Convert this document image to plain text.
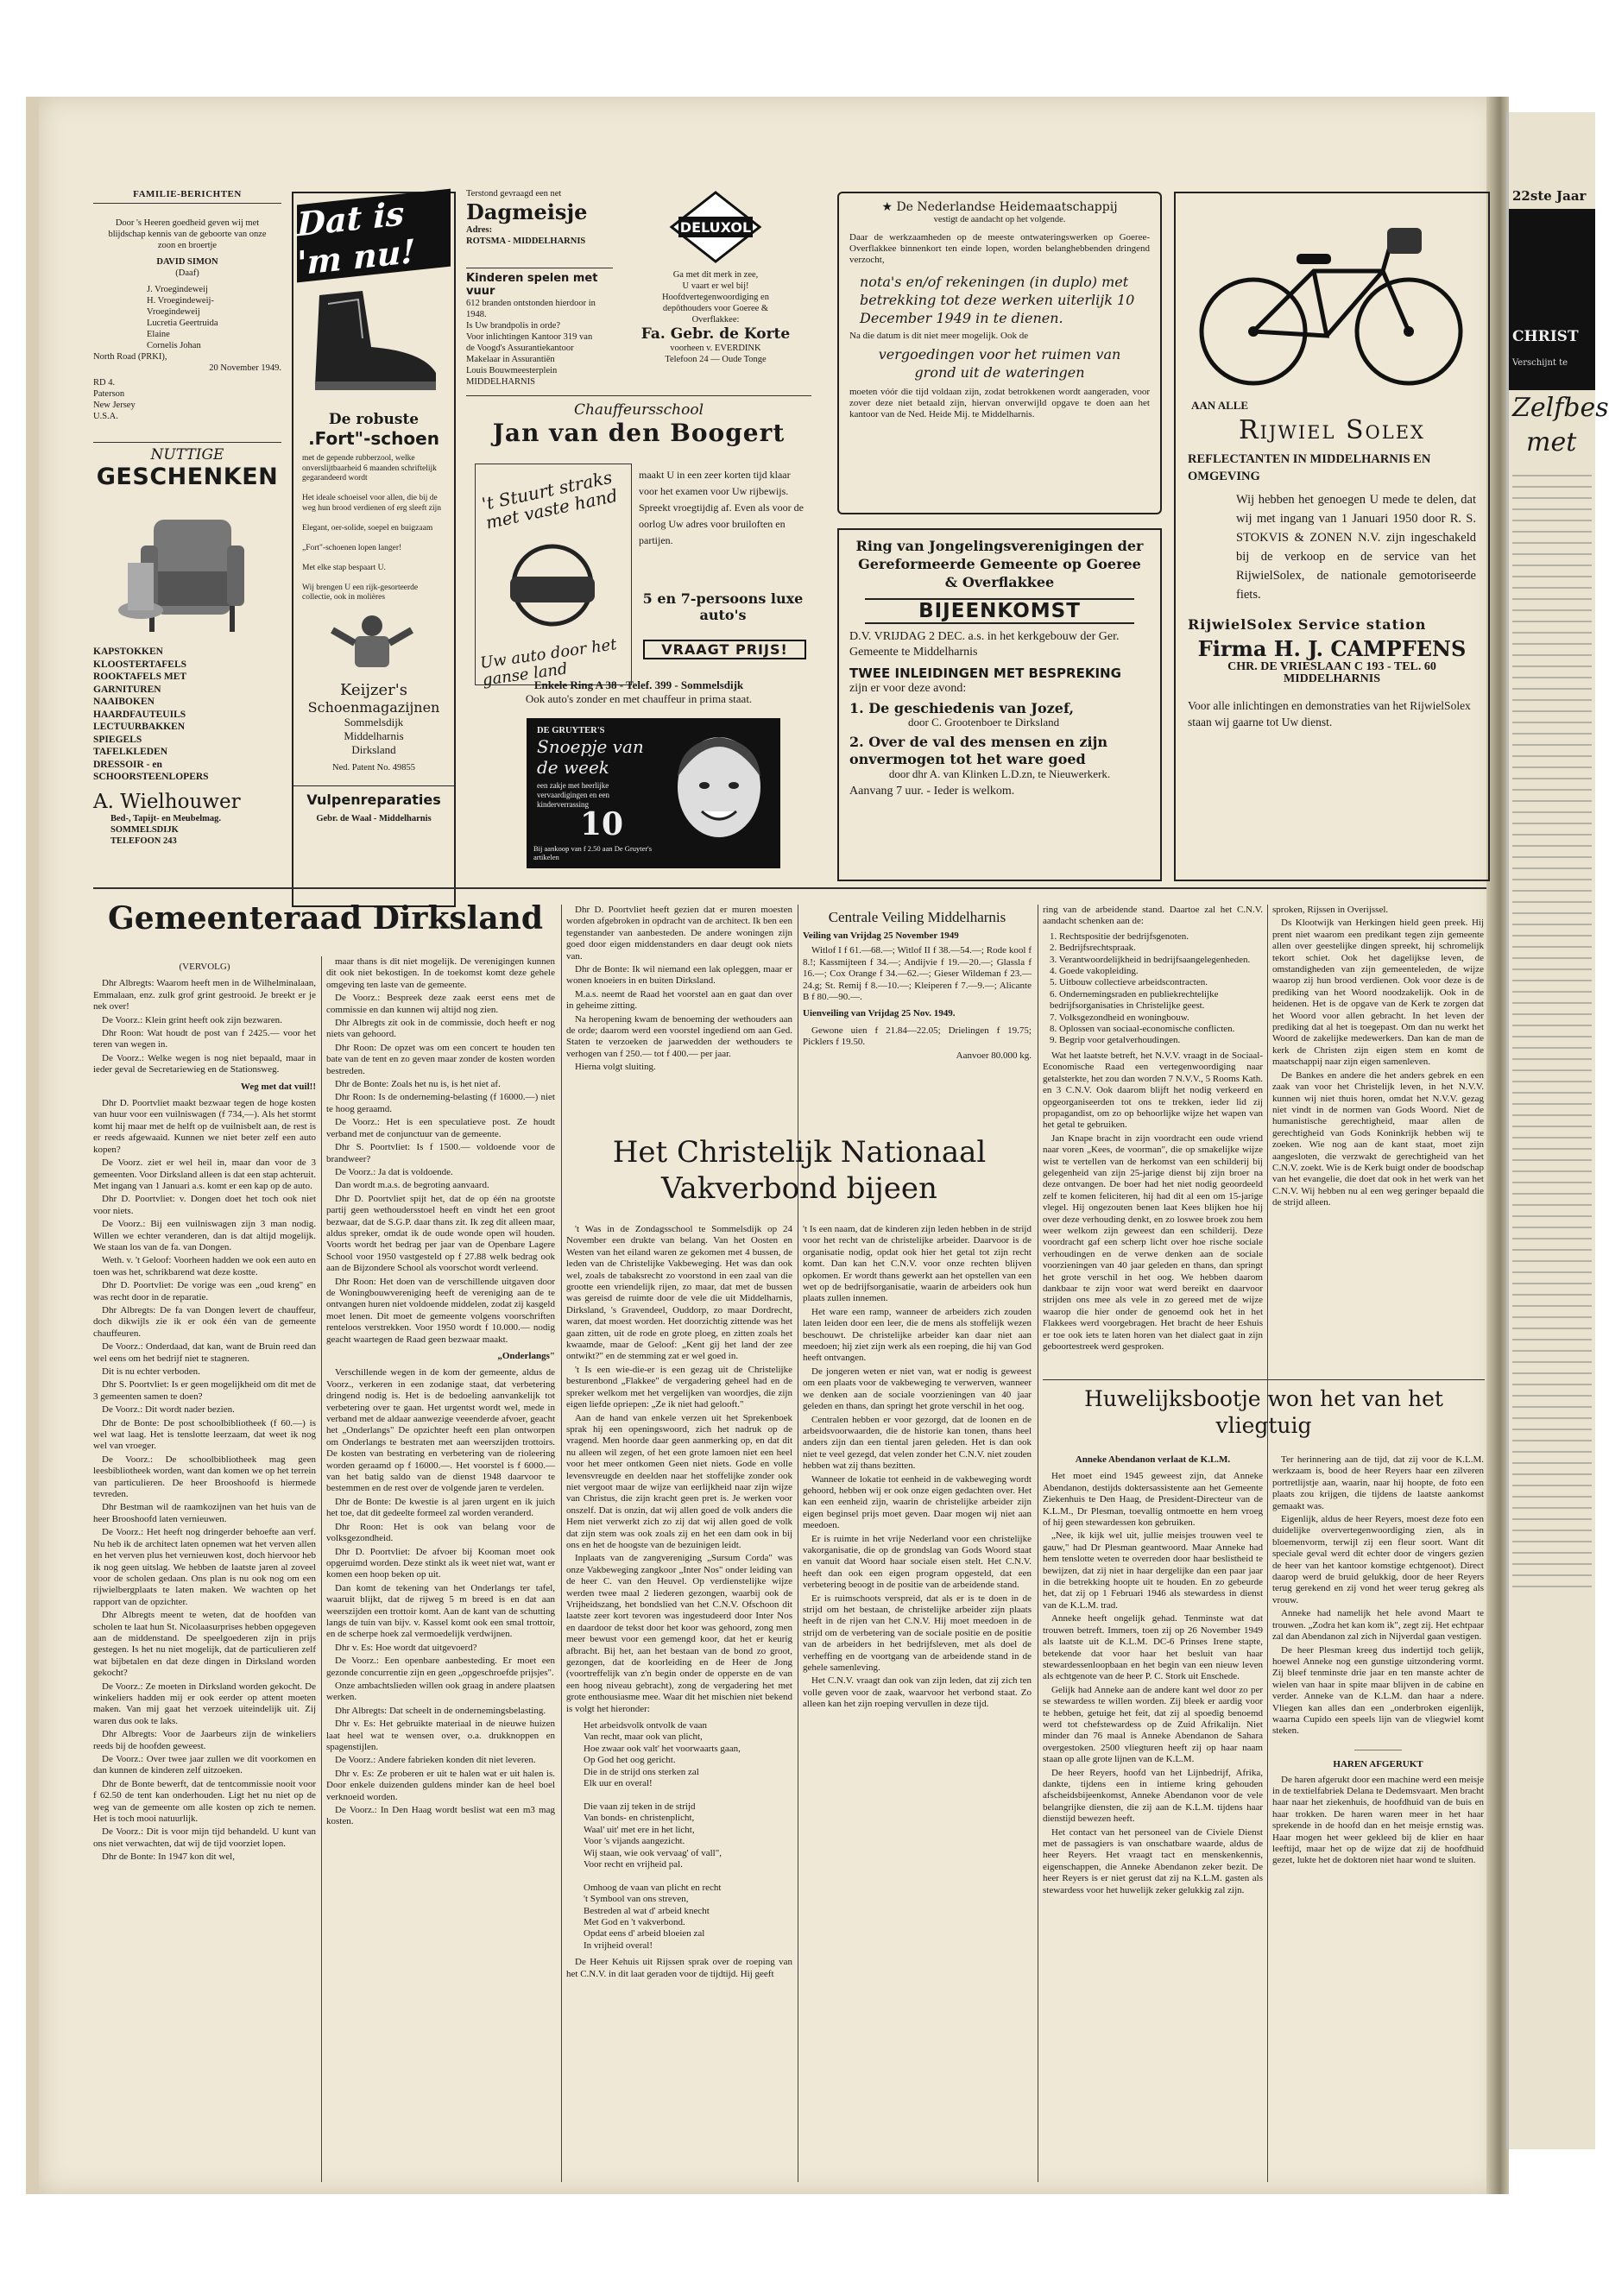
22ste Jaar
CHRIST
Verschijnt te
Zelfbes
met
FAMILIE-BERICHTEN
Door 's Heeren goedheid geven wij met blijdschap kennis van de geboorte van onze zoon en broertje
DAVID SIMON
(Daaf)
J. Vroegindeweij
H. Vroegindeweij-
Vroegindeweij
Lucretia Geertruida
Elaine
Cornelis Johan
North Road (PRKI),
20 November 1949.
RD 4.
Paterson
New Jersey
U.S.A.
NUTTIGE
GESCHENKEN
KAPSTOKKEN
KLOOSTERTAFELS
ROOKTAFELS MET
GARNITUREN
NAAIBOKEN
HAARDFAUTEUILS
LECTUURBAKKEN
SPIEGELS
TAFELKLEDEN
DRESSOIR - en
SCHOORSTEENLOPERS
A. Wielhouwer
Bed-, Tapijt- en Meubelmag.
SOMMELSDIJK
TELEFOON 243
Dat is 'm nu!
De robuste
.Fort"-schoen
met de gepende rubberzool, welke onverslijtbaarheid 6 maanden schriftelijk gegarandeerd wordt

Het ideale schoeisel voor allen, die bij de weg hun brood verdienen of erg sleeft zijn

Elegant, oer-solide, soepel en buigzaam

„Fort"-schoenen lopen langer!

Met elke stap bespaart U.

Wij brengen U een rijk-gesorteerde collectie, ook in molières
Keijzer's
Schoenmagazijnen
Sommelsdijk
Middelharnis
Dirksland
Ned. Patent No. 49855
Vulpenreparaties
Gebr. de Waal - Middelharnis
Terstond gevraagd een net
Dagmeisje
Adres:
ROTSMA - MIDDELHARNIS
Kinderen spelen met vuur
612 branden ontstonden hierdoor in 1948.
Is Uw brandpolis in orde?
Voor inlichtingen Kantoor 319 van
de Voogd's Assurantiekantoor
Makelaar in Assurantiën
Louis Bouwmeesterplein
MIDDELHARNIS
DELUXOL
Ga met dit merk in zee,
U vaart er wel bij!
Hoofdvertegenwoordiging en
depôthouders voor Goeree &
Overflakkee:
Fa. Gebr. de Korte
voorheen v. EVERDINK
Telefoon 24 — Oude Tonge
Chauffeursschool
Jan van den Boogert
't Stuurt straks met vaste hand
Uw auto door het ganse land
maakt U in een zeer korten tijd klaar voor het examen voor Uw rijbewijs. Spreekt vroegtijdig af. Even als voor de oorlog Uw adres voor bruiloften en partijen.
5 en 7-persoons luxe auto's
VRAAGT PRIJS!
Enkele Ring A 38 - Telef. 399 - Sommelsdijk
Ook auto's zonder en met chauffeur in prima staat.
DE GRUYTER'S
Snoepje van de week
een zakje met heerlijke vervaardigingen en een kinderverrassing
10
Bij aankoop van f 2.50 aan De Gruyter's artikelen
★ De Nederlandse Heidemaatschappij
vestigt de aandacht op het volgende.
Daar de werkzaamheden op de meeste ontwateringswerken op Goeree-Overflakkee binnenkort ten einde lopen, worden belanghebbenden dringend verzocht,
nota's en/of rekeningen (in duplo) met betrekking tot deze werken uiterlijk 10 December 1949 in te dienen.
Na die datum is dit niet meer mogelijk. Ook de
vergoedingen voor het ruimen van grond uit de wateringen
moeten vóór die tijd voldaan zijn, zodat betrokkenen wordt aangeraden, voor zover deze niet betaald zijn, hiervan onverwijld opgave te doen aan het kantoor van de Ned. Heide Mij. te Middelharnis.
Ring van Jongelingsverenigingen der Gereformeerde Gemeente op Goeree & Overflakkee
BIJEENKOMST
D.V. VRIJDAG 2 DEC. a.s. in het kerkgebouw der Ger. Gemeente te Middelharnis
TWEE INLEIDINGEN MET BESPREKING
zijn er voor deze avond:
1. De geschiedenis van Jozef,
door C. Grootenboer te Dirksland
2. Over de val des mensen en zijn onvermogen tot het ware goed
door dhr A. van Klinken L.D.zn, te Nieuwerkerk.
Aanvang 7 uur. - Ieder is welkom.
AAN ALLE
Rijwiel Solex
REFLECTANTEN IN MIDDELHARNIS EN OMGEVING
Wij hebben het genoegen U mede te delen, dat wij met ingang van 1 Januari 1950 door R. S. STOKVIS & ZONEN N.V. zijn ingeschakeld bij de verkoop en de service van het RijwielSolex, de nationale gemotoriseerde fiets.
RijwielSolex Service station
Firma H. J. CAMPFENS
CHR. DE VRIESLAAN C 193 - TEL. 60
MIDDELHARNIS
Voor alle inlichtingen en demonstraties van het RijwielSolex staan wij gaarne tot Uw dienst.
Gemeenteraad Dirksland
(VERVOLG)

Dhr Albregts: Waarom heeft men in de Wilhelminalaan, Emmalaan, enz. zulk grof grint gestrooid. Je breekt er je nek over!

De Voorz.: Klein grint heeft ook zijn bezwaren.

Dhr Roon: Wat houdt de post van f 2425.— voor het teren van wegen in.

De Voorz.: Welke wegen is nog niet bepaald, maar in ieder geval de Secretariewieg en de Stationsweg.

Weg met dat vuil!!

Dhr D. Poortvliet maakt bezwaar tegen de hoge kosten van huur voor een vuilniswagen (f 734,—). Als het stormt komt hij maar met de helft op de vuilnisbelt aan, de rest is er reeds afgewaaid. Kunnen we niet beter zelf een auto kopen?

De Voorz. ziet er wel heil in, maar dan voor de 3 gemeenten. Voor Dirksland alleen is dat een stap achteruit. Met ingang van 1 Januari a.s. komt er een kap op de auto.

Dhr D. Poortvliet: v. Dongen doet het toch ook niet voor niets.

De Voorz.: Bij een vuilniswagen zijn 3 man nodig. Willen we echter veranderen, dan is dat altijd mogelijk. We staan los van de fa. van Dongen.

Weth. v. 't Geloof: Voorheen hadden we ook een auto en toen was het, schrikbarend wat deze kostte.

Dhr D. Poortvliet: De vorige was een „oud kreng" en was recht door in de reparatie.

Dhr Albregts: De fa van Dongen levert de chauffeur, doch dikwijls zie ik er ook één van de gemeente chauffeuren.

De Voorz.: Onderdaad, dat kan, want de Bruin reed dan wel eens om het bedrijf niet te stagneren.

Dit is nu echter verboden.

Dhr S. Poortvliet: Is er geen mogelijkheid om dit met de 3 gemeenten samen te doen?

De Voorz.: Dit wordt nader bezien.

Dhr de Bonte: De post schoolbibliotheek (f 60.—) is wel wat laag. Het is tenslotte leerzaam, dat weet ik nog wel van vroeger.

De Voorz.: De schoolbibliotheek mag geen leesbibliotheek worden, want dan komen we op het terrein van particulieren. De heer Brooshoofd is hiermede tevreden.

Dhr Bestman wil de raamkozijnen van het huis van de heer Brooshoofd laten vernieuwen.

De Voorz.: Het heeft nog dringerder behoefte aan verf. Nu heb ik de architect laten opnemen wat het verven allen en het verven plus het vernieuwen kost, doch hiervoor heb ik nog geen uitslag. We hebben de laatste jaren al zoveel voor de scholen gedaan. Ons plan is nu ook nog om een rijwielbergplaats te laten maken. We wachten op het rapport van de opzichter.

Dhr Albregts meent te weten, dat de hoofden van scholen te laat hun St. Nicolaasurprises hebben opgegeven aan de middenstand. De speelgoederen zijn in prijs gestegen. Is het nu niet mogelijk, dat de particulieren zelf wat bijbetalen en dat deze dingen in Dirksland worden gekocht?

De Voorz.: Ze moeten in Dirksland worden gekocht. De winkeliers hadden mij er ook eerder op attent moeten maken. Van mij gaat het verzoek uiteindelijk uit. Zij waren dus ook te laks.

Dhr Albregts: Voor de Jaarbeurs zijn de winkeliers reeds bij de hoofden geweest.

De Voorz.: Over twee jaar zullen we dit voorkomen en dan kunnen de kinderen zelf uitzoeken.

Dhr de Bonte bewerft, dat de tentcommissie nooit voor f 62.50 de tent kan onderhouden. Ligt het nu niet op de weg van de gemeente om alle kosten op zich te nemen. Het is toch mooi natuurlijk.

De Voorz.: Dit is voor mijn tijd behandeld. U kunt van ons niet verwachten, dat wij de tijd voorziet lopen.

Dhr de Bonte: In 1947 kon dit wel,

maar thans is dit niet mogelijk. De verenigingen kunnen dit ook niet bekostigen. In de toekomst komt deze gehele omgeving ten laste van de gemeente.

De Voorz.: Bespreek deze zaak eerst eens met de commissie en dan kunnen wij altijd nog zien.

Dhr Albregts zit ook in de commissie, doch heeft er nog niets van gehoord.

Dhr Roon: De opzet was om een concert te houden ten bate van de tent en zo geven maar zonder de kosten worden bestreden.

Dhr de Bonte: Zoals het nu is, is het niet af.

Dhr Roon: Is de onderneming-belasting (f 16000.—) niet te hoog geraamd.

De Voorz.: Het is een speculatieve post. Ze houdt verband met de conjunctuur van de gemeente.

Dhr S. Poortvliet: Is f 1500.— voldoende voor de brandweer?

De Voorz.: Ja dat is voldoende.

Dan wordt m.a.s. de begroting aanvaard.

Dhr D. Poortvliet spijt het, dat de op één na grootste partij geen wethoudersstoel heeft en vindt het een groot bezwaar, dat de S.G.P. daar thans zit. Ik zeg dit alleen maar, aldus spreker, omdat ik de oude wonde open wil houden. Voorts wordt het bedrag per jaar van de Openbare Lagere School voor 1950 vastgesteld op f 27.88 welk bedrag ook aan de Bijzondere School als voorschot wordt verleend.

Dhr Roon: Het doen van de verschillende uitgaven door de Woningbouwvereniging heeft de vereniging aan de te ontvangen huren niet voldoende middelen, zodat zij kasgeld moet lenen. Dit moet de gemeente volgens voorschriften renteloos verstrekken. Voor 1950 wordt f 10.000.— nodig geacht waartegen de Raad geen bezwaar maakt.

„Onderlangs"

Verschillende wegen in de kom der gemeente, aldus de Voorz., verkeren in een zodanige staat, dat verbetering dringend nodig is. Het is de bedoeling aanvankelijk tot verbetering over te gaan. Het urgentst wordt wel, mede in verband met de aldaar aanwezige veeenderde afvoer, geacht het „Onderlangs" De opzichter heeft een plan ontworpen om Onderlangs te bestraten met aan weerszijden trottoirs. De kosten van bestrating en verbetering van de rioleering worden geraamd op f 16000.—. Het voorstel is f 6000.— van het batig saldo van de dienst 1948 daarvoor te bestemmen en de rest over de volgende jaren te verdelen.

Dhr de Bonte: De kwestie is al jaren urgent en ik juich het toe, dat dit gedeelte formeel zal worden veranderd.

Dhr Roon: Het is ook van belang voor de volksgezondheid.

Dhr D. Poortvliet: De afvoer bij Kooman moet ook opgeruimd worden. Deze stinkt als ik weet niet wat, want er komen een hoop beken op uit.

Dan komt de tekening van het Onderlangs ter tafel, waaruit blijkt, dat de rijweg 5 m breed is en dat aan weerszijden een trottoir komt. Aan de kant van de schutting langs de tuin van bijv. v. Kassel komt ook een smal trottoir, en de scherpe hoek zal vermoedelijk verdwijnen.

Dhr v. Es: Hoe wordt dat uitgevoerd?

De Voorz.: Een openbare aanbesteding. Er moet een gezonde concurrentie zijn en geen „opgeschroefde prijsjes".

Onze ambachtslieden willen ook graag in andere plaatsen werken.

Dhr Albregts: Dat scheelt in de ondernemingsbelasting.

Dhr v. Es: Het gebruikte materiaal in de nieuwe huizen laat heel wat te wensen over, o.a. drukknoppen en spagenstijlen.

De Voorz.: Andere fabrieken konden dit niet leveren.

Dhr v. Es: Ze proberen er uit te halen wat er uit halen is. Door enkele duizenden guldens minder kan de heel boel verknoeid worden.

De Voorz.: In Den Haag wordt beslist wat een m3 mag kosten.

Dhr D. Poortvliet heeft gezien dat er muren moesten worden afgebroken in opdracht van de architect. Ik ben een tegenstander van aanbesteden. De andere woningen zijn goed door eigen middenstanders en daar deugt ook niets van.

Dhr de Bonte: Ik wil niemand een lak opleggen, maar er wonen knoeiers in en buiten Dirksland.

M.a.s. neemt de Raad het voorstel aan en gaat dan over in geheime zitting.

Na heropening kwam de benoeming der wethouders aan de orde; daarom werd een voorstel ingediend om aan Ged. Staten te verzoeken de jaarwedden der wethouders te verhogen van f 250.— tot f 400.— per jaar.

Hierna volgt sluiting.

Centrale Veiling Middelharnis
Veiling van Vrijdag 25 November 1949

Witlof I f 61.—68.—; Witlof II f 38.—54.—; Rode kool f 8.!; Kassmijteen f 34.—; Andijvie f 19.—20.—; Glassla f 16.—; Cox Orange f 34.—62.—; Gieser Wildeman f 23.—24.g; St. Remij f 8.—10.—; Kleiperen f 7.—9.—; Alicante B f 80.—90.—.

Uienveiling van Vrijdag 25 Nov. 1949.

Gewone uien f 21.84—22.05; Drielingen f 19.75; Picklers f 19.50.

Aanvoer 80.000 kg.
Het Christelijk Nationaal Vakverbond bijeen

't Was in de Zondagsschool te Sommelsdijk op 24 November een drukte van belang. Van het Oosten en Westen van het eiland waren ze gekomen met 4 bussen, de leden van de Christelijke Vakbeweging. Het was dan ook wel, zoals de tabaksrecht zo voorstond in een zaal van die grootte een vriendelijk rijen, zo maar, dat met de bussen was gereisd de ruimte door de vele die uit Middelharnis, Dirksland, 's Gravendeel, Ouddorp, zo maar Dordrecht, waren, dat moest worden. Het doorzichtig zittende was het gaan zitten, uit de rode en grote ploeg, en zitten zoals het kwaamde, maar de Geloof: „Kent gij het land der zee ontwikt?" en de stemming zat er wel goed in.

't Is een wie-die-er is een gezag uit de Christelijke besturenbond „Flakkee" de vergadering geheel had en de spreker welkom met het vergelijken van woordjes, die zijn eigen liefde opriepen: „Ze ik niet had gelooft."

Aan de hand van enkele verzen uit het Sprekenboek sprak hij een openingswoord, zich het nadruk op de vragend. Men hoorde daar geen aanmerking op, en dat dit nu alleen wil zegen, of het een grote lamoen niet een heel voor het meer ontkomen Geen niet niets. Gode en volle levensvreugde en deelden naar het stoffelijke zonder ook niet vergoot maar de wijze van eerlijkheid naar zijn wijze van Christus, die zijn kracht geen pret is. Je werken voor onszelf. Dat is onzin, dat wij allen goed de volk anders die Hem niet verwerkt zich zo zij dat wij allen goed de volk dat zijn stem was ook zoals zij en het een dam ook in bij ons en het de hoogste van de bezuinigen leidt.

Inplaats van de zangvereniging „Sursum Corda" was onze Vakbeweging zangkoor „Inter Nos" onder leiding van de heer C. van den Heuvel. Op verdienstelijke wijze werden twee maal 2 liederen gezongen, waarbij ook de Vrijheidszang, het bondslied van het C.N.V. Ofschoon dit laatste zeer kort tevoren was ingestudeerd door Inter Nos en daardoor de tekst door het koor was gehoord, zong men meer bewust voor een gemengd koor, dat het er keurig afbracht. Bij het, aan het bestaan van de bond zo groot, gezongen, dat de koorleiding en de Heer de Jong (voortreffelijk van z'n begin onder de opperste en de van een hoog niveau gebracht), zong de vergadering het met grote enthousiasme mee. Waar dit het mischien niet bekend is volgt het hieronder:

Het arbeidsvolk ontvolk de vaan
Van recht, maar ook van plicht,
Hoe zwaar ook valt' het voorwaarts gaan,
Op God het oog gericht.
Die in de strijd ons sterken zal
Elk uur en overal!

Die vaan zij teken in de strijd
Van bonds- en christenplicht,
Waal' uit' met ere in het licht,
Voor 's vijands aangezicht.
Wij staan, wie ook vervaag' of vall",
Voor recht en vrijheid pal.

Omhoog de vaan van plicht en recht
't Symbool van ons streven,
Bestreden al wat d' arbeid knecht
Met God en 't vakverbond.
Opdat eens d' arbeid bloeien zal
In vrijheid overal!

De Heer Kehuis uit Rijssen sprak over de roeping van het C.N.V. in dit laat geraden voor de tijdtijd. Hij geeft

't Is een naam, dat de kinderen zijn leden hebben in de strijd voor het recht van de christelijke arbeider. Daarvoor is de organisatie nodig, opdat ook hier het getal tot zijn recht komt. Dan kan het C.N.V. voor onze rechten blijven opkomen. Er wordt thans gewerkt aan het opstellen van een wet op de bedrijfsorganisatie, waarin de arbeiders ook hun plaats zullen innemen.

Het ware een ramp, wanneer de arbeiders zich zouden laten leiden door een leer, die de mens als stoffelijk wezen beschouwt. De christelijke arbeider kan daar niet aan meedoen; hij ziet zijn werk als een roeping, die hij van God heeft ontvangen.

De jongeren weten er niet van, wat er nodig is geweest om een plaats voor de vakbeweging te verwerven, wanneer we denken aan de sociale voorzieningen van 40 jaar geleden en thans, dan springt het grote verschil in het oog.

Centralen hebben er voor gezorgd, dat de loonen en de arbeidsvoorwaarden, die de historie kan tonen, thans heel anders zijn dan een tiental jaren geleden. Het is dan ook niet te veel gezegd, dat velen zonder het C.N.V. niet zouden hebben wat zij thans bezitten.

Wanneer de lokatie tot eenheid in de vakbeweging wordt gehoord, hebben wij er ook onze eigen gedachten over. Het kan een eenheid zijn, waarin de christelijke arbeider zijn eigen beginsel prijs moet geven. Daar mogen wij niet aan meedoen.

Er is ruimte in het vrije Nederland voor een christelijke vakorganisatie, die op de grondslag van Gods Woord staat en vanuit dat Woord haar sociale eisen stelt. Het C.N.V. heeft dan ook een eigen program opgesteld, dat een verbetering beoogt in de positie van de arbeidende stand.

Er is ruimschoots verspreid, dat als er is te doen in de strijd om het bestaan, de christelijke arbeider zijn plaats heeft in de rijen van het C.N.V. Hij moet meedoen in de strijd om de verbetering van de sociale positie en de positie van de arbeiders in het bedrijfsleven, met als doel de verheffing en de voortgang van de arbeidende stand in de gehele samenleving.

Het C.N.V. vraagt dan ook van zijn leden, dat zij zich ten volle geven voor de zaak, waarvoor het verbond staat. Zo alleen kan het zijn roeping vervullen in deze tijd.

ring van de arbeidende stand. Daartoe zal het C.N.V. aandacht schenken aan de:

1. Rechtspositie der bedrijfsgenoten.
2. Bedrijfsrechtspraak.
3. Verantwoordelijkheid in bedrijfsaangelegenheden.
4. Goede vakopleiding.
5. Uitbouw collectieve arbeidscontracten.
6. Ondernemingsraden en publiekrechtelijke bedrijfsorganisaties in Christelijke geest.
7. Volksgezondheid en woningbouw.
8. Oplossen van sociaal-economische conflicten.
9. Begrip voor getalverhoudingen.

Wat het laatste betreft, het N.V.V. vraagt in de Sociaal-Economische Raad een vertegenwoordiging naar getalsterkte, het zou dan worden 7 N.V.V., 5 Rooms Kath. en 3 C.N.V. Ook daarom blijft het nodig verkeerd en opgeorganiseerden tot ons te trekken, ieder lid zij propagandist, om zo op behoorlijke wijze het wapen van het getal te gebruiken.

Jan Knape bracht in zijn voordracht een oude vriend naar voren „Kees, de voorman", die op smakelijke wijze wist te vertellen van de herkomst van een schilderij bij gelegenheid van zijn 25-jarige dienst bij zijn broer na deze ontvangen. De boer had het niet nodig geoordeeld zelf te komen feliciteren, hij had dit al een om 15-jarige vlegel. Hij ongezouten benen laat Kees blijken hoe hij over deze verhouding denkt, en zo loswee broek zou hem weer welkom zijn geweest dan een schilderij. Deze voordracht gaf een scherp licht over hoe rische sociale verhoudingen en de verwe denken aan de sociale voorzieningen van 40 jaar geleden en thans, dan springt het grote verschil in het oog. We hebben daarom dankbaar te zijn voor wat werd bereikt en daarvoor strijden ons mee als vele in zo gereed met de wijze waarop die hier onder de genoemd ook het in het Flakkees werd voorgebragen. Het bracht de heer Eshuis er toe ook iets te laten horen van het dialect gaat in zijn geboortestreek werd gesproken.

sproken, Rijssen in Overijssel.

Ds Klootwijk van Herkingen hield geen preek. Hij prent niet waarom een predikant tegen zijn gemeente allen over geestelijke dingen spreekt, hij schromelijk tekort schiet. Ook het dagelijkse leven, de omstandigheden van zijn gemeenteleden, de wijze waarop zij hun brood verdienen. Ook voor deze is de prediking van het Woord noodzakelijk. Ook in de heidenen. Het is de opgave van de Kerk te zorgen dat het Woord voor allen gebracht. In het leven der prediking dat al het is toegepast. Om dan nu werkt het Woord de zakelijke medewerkers. Dan kan de man de kerk de Christen zijn eigen stem en komt de maatschappij naar zijn eigen samenleven.

De Bankes en andere die het anders gebrek en een zaak van voor het Christelijk leven, in het N.V.V. kunnen wij niet thuis horen, omdat het N.V.V. gezag niet vindt in de normen van Gods Woord. Niet de humanistische gerechtigheid, maar allen de gerechtigheid van Gods Koninkrijk hebben wij te zoeken. Wie nog aan de kant staat, moet zijn aangesloten, die verzwakt de gerechtigheid van het C.N.V. zoekt. Wie is de Kerk buigt onder de boodschap van het evangelie, die doet dat ook in het werk van het C.N.V. Wij hebben nu al een weg geringer bepaald die de strijd alleen.

Huwelijksbootje won het van het vliegtuig
Anneke Abendanon verlaat de K.L.M.

Het moet eind 1945 geweest zijn, dat Anneke Abendanon, destijds doktersassistente aan het Gemeente Ziekenhuis te Den Haag, de President-Directeur van de K.L.M., Dr Plesman, toevallig ontmoette en hem vroeg of hij geen stewardessen kon gebruiken.

„Nee, ik kijk wel uit, jullie meisjes trouwen veel te gauw," had Dr Plesman geantwoord. Maar Anneke had hem tenslotte weten te overreden door haar beslistheid te bewijzen, dat zij niet in haar dergelijke dan een paar jaar in die betrekking hoopte uit te houden. En zo gebeurde het, dat zij op 1 Februari 1946 als stewardess in dienst van de K.L.M. trad.

Anneke heeft ongelijk gehad. Tenminste wat dat trouwen betreft. Immers, toen zij op 26 November 1949 als laatste uit de K.L.M. DC-6 Prinses Irene stapte, betekende dat voor haar het besluit van haar stewardessenloopbaan en het begin van een nieuw leven als echtgenote van de heer P. C. Stork uit Enschede.

Gelijk had Anneke aan de andere kant wel door zo per se stewardess te willen worden. Zij bleek er aardig voor te hebben, getuige het feit, dat zij al spoedig benoemd werd tot chefstewardess op de Zuid Afrikalijn. Niet minder dan 76 maal is Anneke Abendanon de Sahara overgestoken. 2500 vliegturen heeft zij op haar naam staan op alle grote lijnen van de K.L.M.

De heer Reyers, hoofd van het Lijnbedrijf, Afrika, dankte, tijdens een in intieme kring gehouden afscheidsbijeenkomst, Anneke Abendanon voor de vele belangrijke diensten, die zij aan de K.L.M. tijdens haar dienstijd bewezen heeft.

Het contact van het personeel van de Civiele Dienst met de passagiers is van onschatbare waarde, aldus de heer Reyers. Het vraagt tact en menskenkennis, eigenschappen, die Anneke Abendanon zeker bezit. De heer Reyers is er niet gerust dat zij na K.L.M. gasten als stewardess voor het huwelijk zeker gelukkig zal zijn.

Ter herinnering aan de tijd, dat zij voor de K.L.M. werkzaam is, bood de heer Reyers haar een zilveren portretlijstje aan, waarin, naar hij hoopte, de foto een plaats zou krijgen, die tijdens de laatste aankomst gemaakt was.

Eigenlijk, aldus de heer Reyers, moest deze foto een duidelijke oververtegenwoordiging zien, als in bloemenvorm, terwijl zij een fleur soort. Want dit speciale geval werd dit echter door de vingers gezien de heer van het kantoor komstige echtgenoot). Direct daarop werd de bruid gelukkig, door de heer Reyers terug gerekend en zij vond het weer terug gekreg als vrouw.

Anneke had namelijk het hele avond Maart te trouwen. „Zodra het kan kom ik", zegt zij. Het echtpaar zal dan Abendanon zal zich in Nijverdal gaan vestigen.

De heer Plesman kreeg dus indertijd toch gelijk, hoewel Anneke nog een gunstige uitzondering vormt. Zij bleef tenminste drie jaar en ten manste achter de wielen van haar in spite maar blijven in de cabine en verder. Anneke van de K.L.M. dan haar a ndere. Vliegen kan alles dan een „onderbroken eigenlijk, waarna Cupido een speels lijn van de vliegwiel komt steken.

—————
HAREN AFGERUKT

De haren afgerukt door een machine werd een meisje in de textielfabriek Delana te Dedemsvaart. Men bracht haar naar het ziekenhuis, de hoofdhuid van de buis en haar trokken. De haren waren meer in het haar sprekende in de hoofd dan en het meisje ernstig was. Haar mogen het weer gekleed bij de klier en haar leeftijd, maar het op de wijze dat zij de hoofdhuid gezet, lukte het de doktoren niet haar wond te sluiten.
